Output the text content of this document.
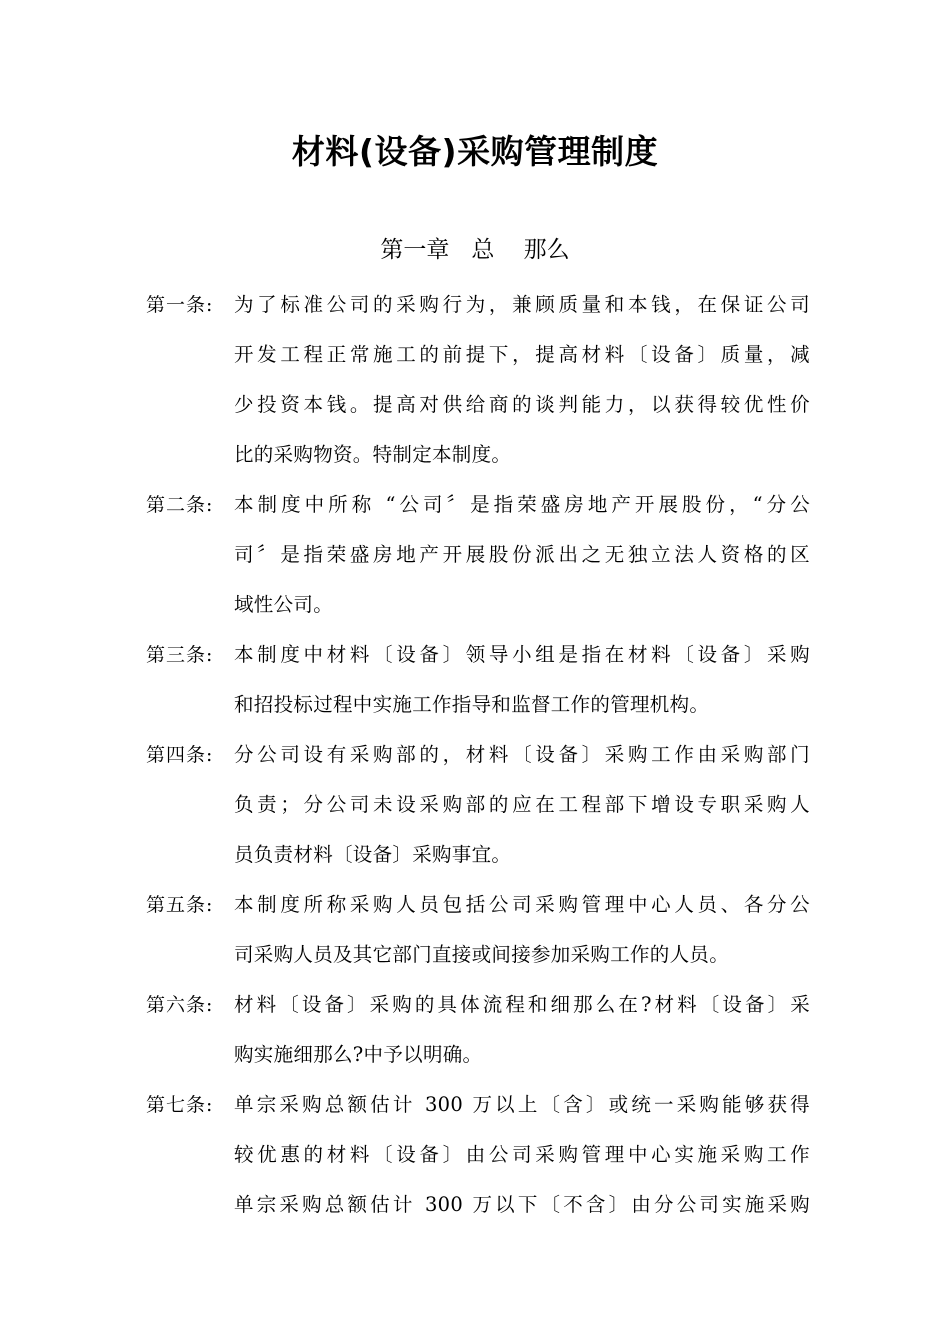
材料(设备)采购管理制度
第一章   总    那么
第一条:	为了标准公司的采购行为，兼顾质量和本钱，在保证公司
开发工程正常施工的前提下，提高材料〔设备〕质量，减
少投资本钱。提高对供给商的谈判能力，以获得较优性价
比的采购物资。特制定本制度。
第二条:	本制度中所称 “公司〞是指荣盛房地产开展股份，“分公
司〞是指荣盛房地产开展股份派出之无独立法人资格的区
域性公司。
第三条:	本制度中材料〔设备〕领导小组是指在材料〔设备〕采购
和招投标过程中实施工作指导和监督工作的管理机构。
第四条:	分公司设有采购部的，材料〔设备〕采购工作由采购部门
负责；分公司未设采购部的应在工程部下增设专职采购人
员负责材料〔设备〕采购事宜。
第五条:	本制度所称采购人员包括公司采购管理中心人员、各分公
司采购人员及其它部门直接或间接参加采购工作的人员。
第六条:	材料〔设备〕采购的具体流程和细那么在?材料〔设备〕采
购实施细那么?中予以明确。
第七条:	单宗采购总额估计 300 万以上〔含〕或统一采购能够获得
较优惠的材料〔设备〕由公司采购管理中心实施采购工作
单宗采购总额估计 300 万以下〔不含〕由分公司实施采购
